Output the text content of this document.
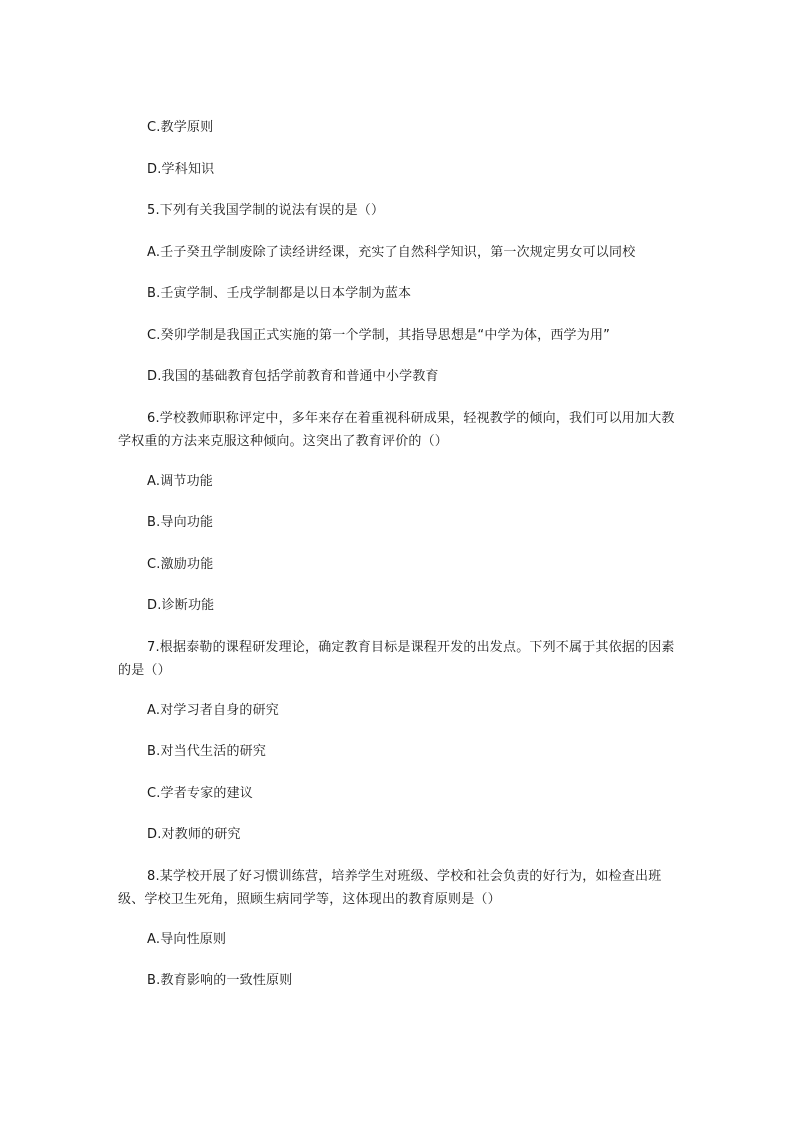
C.教学原则
D.学科知识
5.下列有关我国学制的说法有误的是（）
A.壬子癸丑学制废除了读经讲经课，充实了自然科学知识，第一次规定男女可以同校
B.壬寅学制、壬戌学制都是以日本学制为蓝本
C.癸卯学制是我国正式实施的第一个学制，其指导思想是“中学为体，西学为用”
D.我国的基础教育包括学前教育和普通中小学教育
6.学校教师职称评定中，多年来存在着重视科研成果，轻视教学的倾向，我们可以用加大教学权重的方法来克服这种倾向。这突出了教育评价的（）
A.调节功能
B.导向功能
C.激励功能
D.诊断功能
7.根据泰勒的课程研发理论，确定教育目标是课程开发的出发点。下列不属于其依据的因素的是（）
A.对学习者自身的研究
B.对当代生活的研究
C.学者专家的建议
D.对教师的研究
8.某学校开展了好习惯训练营，培养学生对班级、学校和社会负责的好行为，如检查出班级、学校卫生死角，照顾生病同学等，这体现出的教育原则是（）
A.导向性原则
B.教育影响的一致性原则
